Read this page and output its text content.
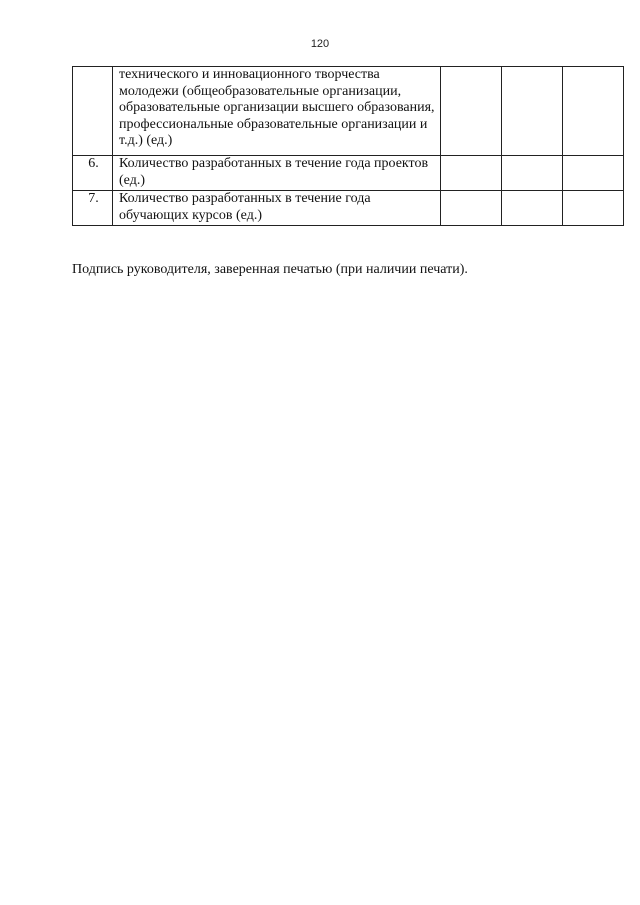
120
	технического и инновационного творчества молодежи (общеобразовательные организации, образовательные организации высшего образования, профессиональные образовательные организации и т.д.) (ед.)			
6.	Количество разработанных в течение года проектов (ед.)			
7.	Количество разработанных в течение года обучающих курсов (ед.)			
Подпись руководителя, заверенная печатью (при наличии печати).
